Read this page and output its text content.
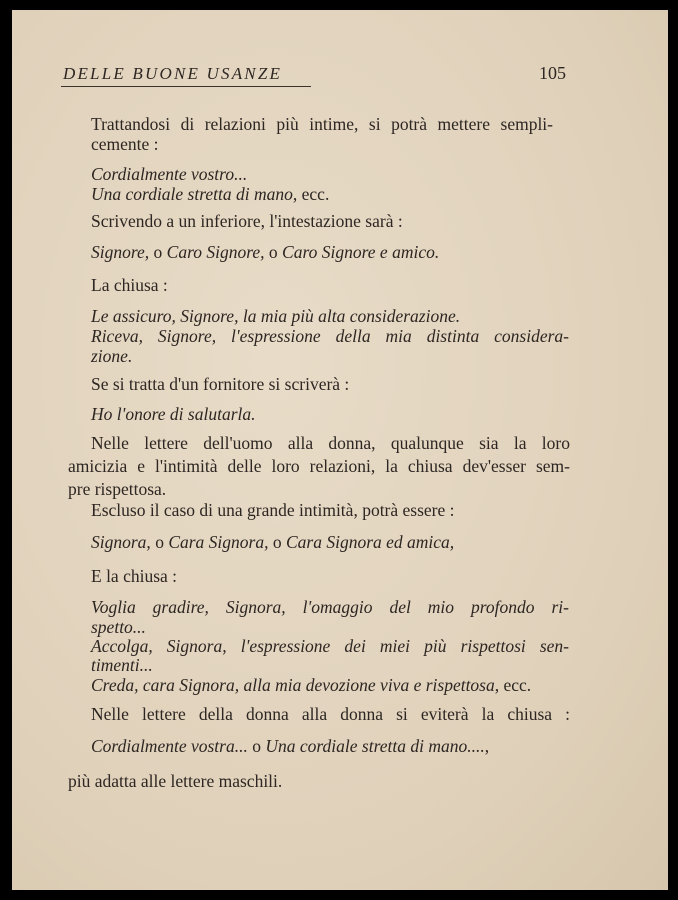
DELLE BUONE USANZE	105
Trattandosi di relazioni più intime, si potrà mettere sempli-
cemente :
Cordialmente vostro...
Una cordiale stretta di mano, ecc.
Scrivendo a un inferiore, l'intestazione sarà :
Signore, o Caro Signore, o Caro Signore e amico.
La chiusa :
Le assicuro, Signore, la mia più alta considerazione.
Riceva, Signore, l'espressione della mia distinta considera-
zione.
Se si tratta d'un fornitore si scriverà :
Ho l'onore di salutarla.
Nelle lettere dell'uomo alla donna, qualunque sia la loro
amicizia e l'intimità delle loro relazioni, la chiusa dev'esser sem-
pre rispettosa.
Escluso il caso di una grande intimità, potrà essere :
Signora, o Cara Signora, o Cara Signora ed amica,
E la chiusa :
Voglia gradire, Signora, l'omaggio del mio profondo ri-
spetto...
Accolga, Signora, l'espressione dei miei più rispettosi sen-
timenti...
Creda, cara Signora, alla mia devozione viva e rispettosa, ecc.
Nelle lettere della donna alla donna si eviterà la chiusa :
Cordialmente vostra... o Una cordiale stretta di mano....,
più adatta alle lettere maschili.
